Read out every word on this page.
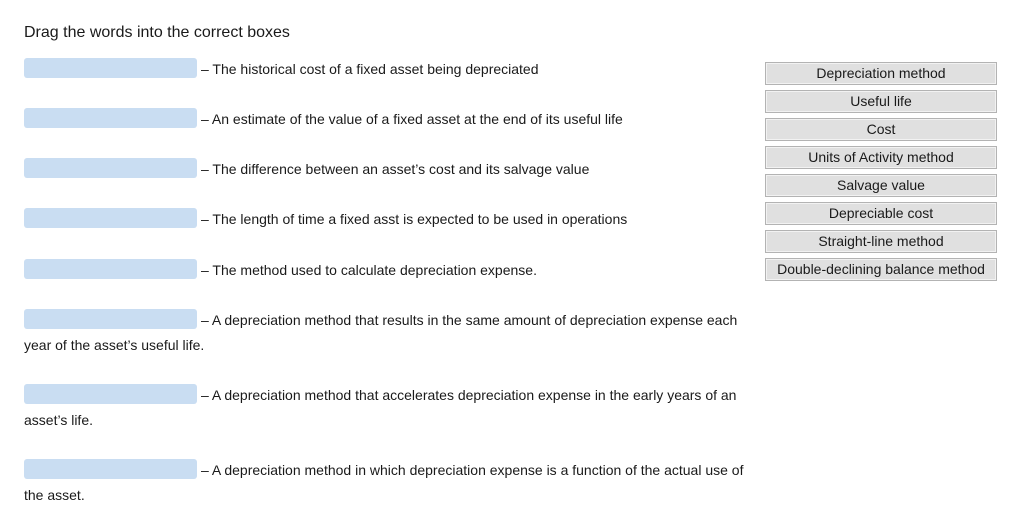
Drag the words into the correct boxes
– The historical cost of a fixed asset being depreciated
– An estimate of the value of a fixed asset at the end of its useful life
– The difference between an asset’s cost and its salvage value
– The length of time a fixed asst is expected to be used in operations
– The method used to calculate depreciation expense.
– A depreciation method that results in the same amount of depreciation expense each year of the asset’s useful life.
– A depreciation method that accelerates depreciation expense in the early years of an asset’s life.
– A depreciation method in which depreciation expense is a function of the actual use of the asset.
Depreciation method
Useful life
Cost
Units of Activity method
Salvage value
Depreciable cost
Straight-line method
Double-declining balance method
